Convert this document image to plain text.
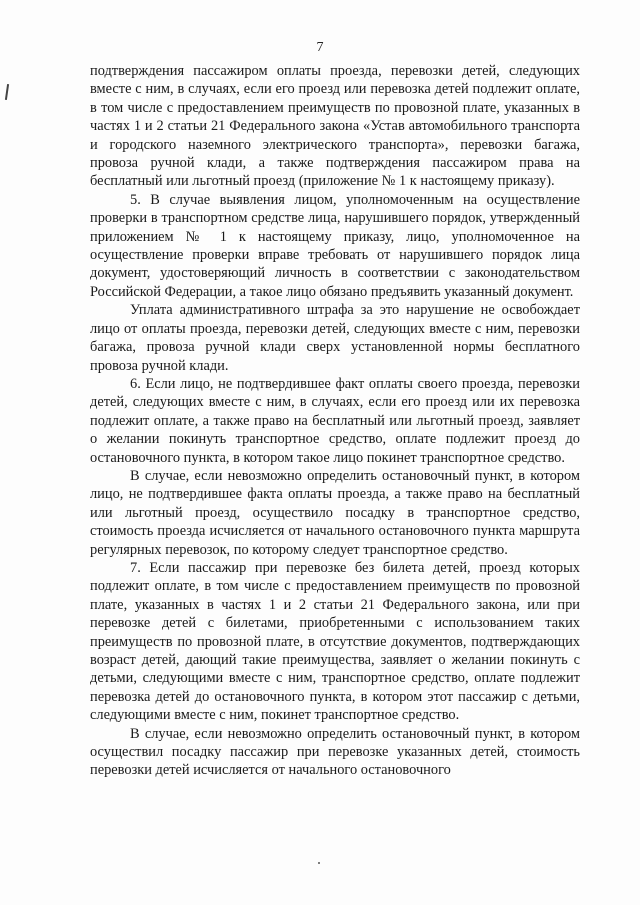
7

подтверждения пассажиром оплаты проезда, перевозки детей, следующих вместе с ним, в случаях, если его проезд или перевозка детей подлежит оплате, в том числе с предоставлением преимуществ по провозной плате, указанных в частях 1 и 2 статьи 21 Федерального закона «Устав автомобильного транспорта и городского наземного электрического транспорта», перевозки багажа, провоза ручной клади, а также подтверждения пассажиром права на бесплатный или льготный проезд (приложение № 1 к настоящему приказу).

5. В случае выявления лицом, уполномоченным на осуществление проверки в транспортном средстве лица, нарушившего порядок, утвержденный приложением № 1 к настоящему приказу, лицо, уполномоченное на осуществление проверки вправе требовать от нарушившего порядок лица документ, удостоверяющий личность в соответствии с законодательством Российской Федерации, а такое лицо обязано предъявить указанный документ.

Уплата административного штрафа за это нарушение не освобождает лицо от оплаты проезда, перевозки детей, следующих вместе с ним, перевозки багажа, провоза ручной клади сверх установленной нормы бесплатного провоза ручной клади.

6. Если лицо, не подтвердившее факт оплаты своего проезда, перевозки детей, следующих вместе с ним, в случаях, если его проезд или их перевозка подлежит оплате, а также право на бесплатный или льготный проезд, заявляет о желании покинуть транспортное средство, оплате подлежит проезд до остановочного пункта, в котором такое лицо покинет транспортное средство.

В случае, если невозможно определить остановочный пункт, в котором лицо, не подтвердившее факта оплаты проезда, а также право на бесплатный или льготный проезд, осуществило посадку в транспортное средство, стоимость проезда исчисляется от начального остановочного пункта маршрута регулярных перевозок, по которому следует транспортное средство.

7. Если пассажир при перевозке без билета детей, проезд которых подлежит оплате, в том числе с предоставлением преимуществ по провозной плате, указанных в частях 1 и 2 статьи 21 Федерального закона, или при перевозке детей с билетами, приобретенными с использованием таких преимуществ по провозной плате, в отсутствие документов, подтверждающих возраст детей, дающий такие преимущества, заявляет о желании покинуть с детьми, следующими вместе с ним, транспортное средство, оплате подлежит перевозка детей до остановочного пункта, в котором этот пассажир с детьми, следующими вместе с ним, покинет транспортное средство.

В случае, если невозможно определить остановочный пункт, в котором осуществил посадку пассажир при перевозке указанных детей, стоимость перевозки детей исчисляется от начального остановочного
